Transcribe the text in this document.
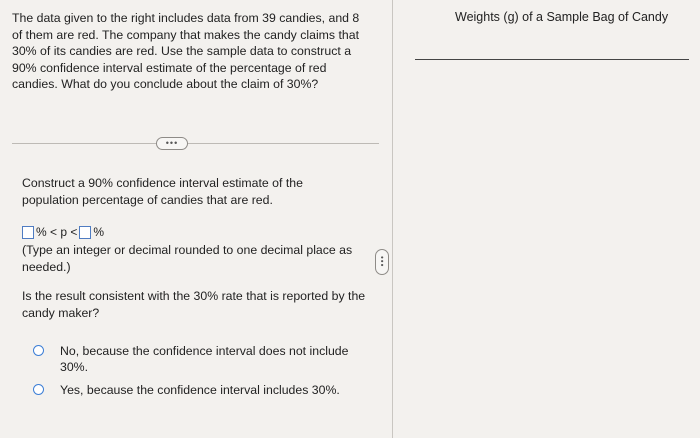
The data given to the right includes data from 39 candies, and 8 of them are red. The company that makes the candy claims that 30% of its candies are red. Use the sample data to construct a 90% confidence interval estimate of the percentage of red candies. What do you conclude about the claim of 30%?
•••
Construct a 90% confidence interval estimate of the population percentage of candies that are red.
% < p < %
(Type an integer or decimal rounded to one decimal place as needed.)
Is the result consistent with the 30% rate that is reported by the candy maker?
No, because the confidence interval does not include 30%.
Yes, because the confidence interval includes 30%.
•••
Weights (g) of a Sample Bag of Candy
